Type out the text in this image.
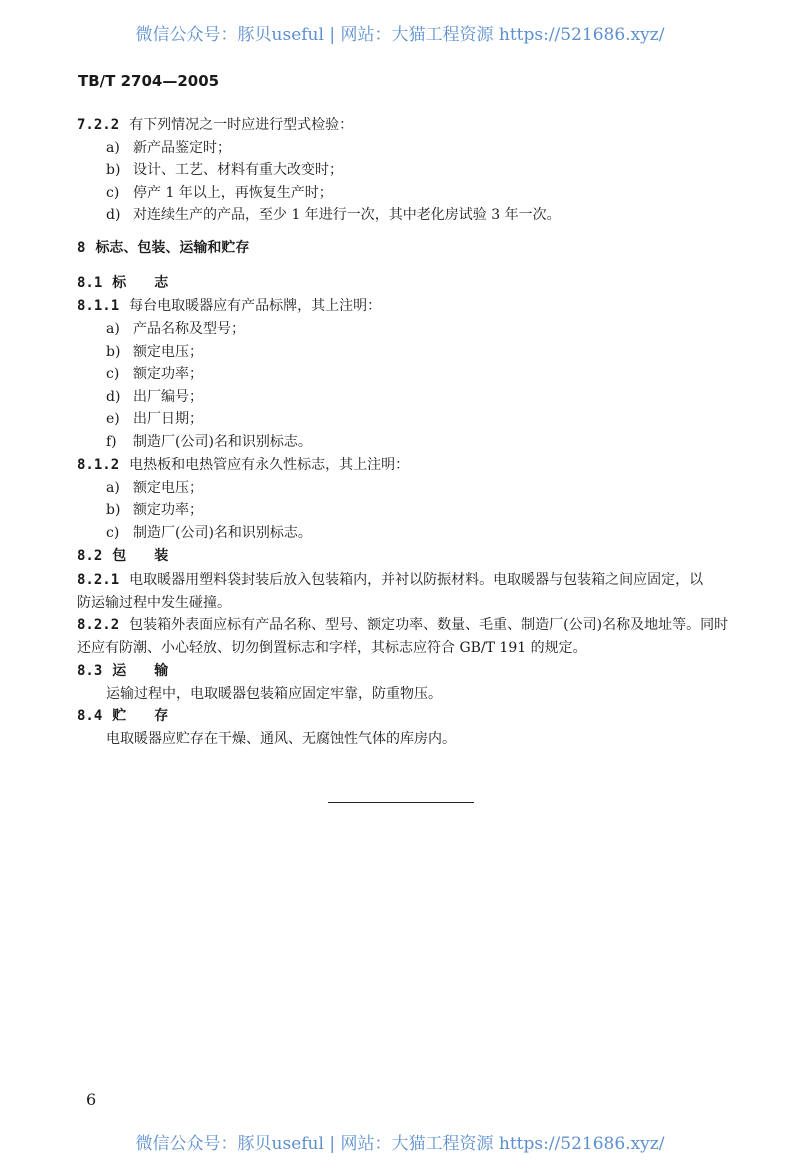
微信公众号：豚贝useful | 网站：大猫工程资源 https://521686.xyz/
TB/T 2704—2005
7.2.2 有下列情况之一时应进行型式检验：
a) 新产品鉴定时；
b) 设计、工艺、材料有重大改变时；
c) 停产 1 年以上，再恢复生产时；
d) 对连续生产的产品，至少 1 年进行一次，其中老化房试验 3 年一次。
8 标志、包装、运输和贮存
8.1 标　　志
8.1.1 每台电取暖器应有产品标牌，其上注明：
a) 产品名称及型号；
b) 额定电压；
c) 额定功率；
d) 出厂编号；
e) 出厂日期；
f) 制造厂(公司)名和识别标志。
8.1.2 电热板和电热管应有永久性标志，其上注明：
a) 额定电压；
b) 额定功率；
c) 制造厂(公司)名和识别标志。
8.2 包　　装
8.2.1 电取暖器用塑料袋封装后放入包装箱内，并衬以防振材料。电取暖器与包装箱之间应固定，以
防运输过程中发生碰撞。
8.2.2 包装箱外表面应标有产品名称、型号、额定功率、数量、毛重、制造厂(公司)名称及地址等。同时
还应有防潮、小心轻放、切勿倒置标志和字样，其标志应符合 GB/T 191 的规定。
8.3 运　　输
运输过程中，电取暖器包装箱应固定牢靠，防重物压。
8.4 贮　　存
电取暖器应贮存在干燥、通风、无腐蚀性气体的库房内。
6
微信公众号：豚贝useful | 网站：大猫工程资源 https://521686.xyz/
